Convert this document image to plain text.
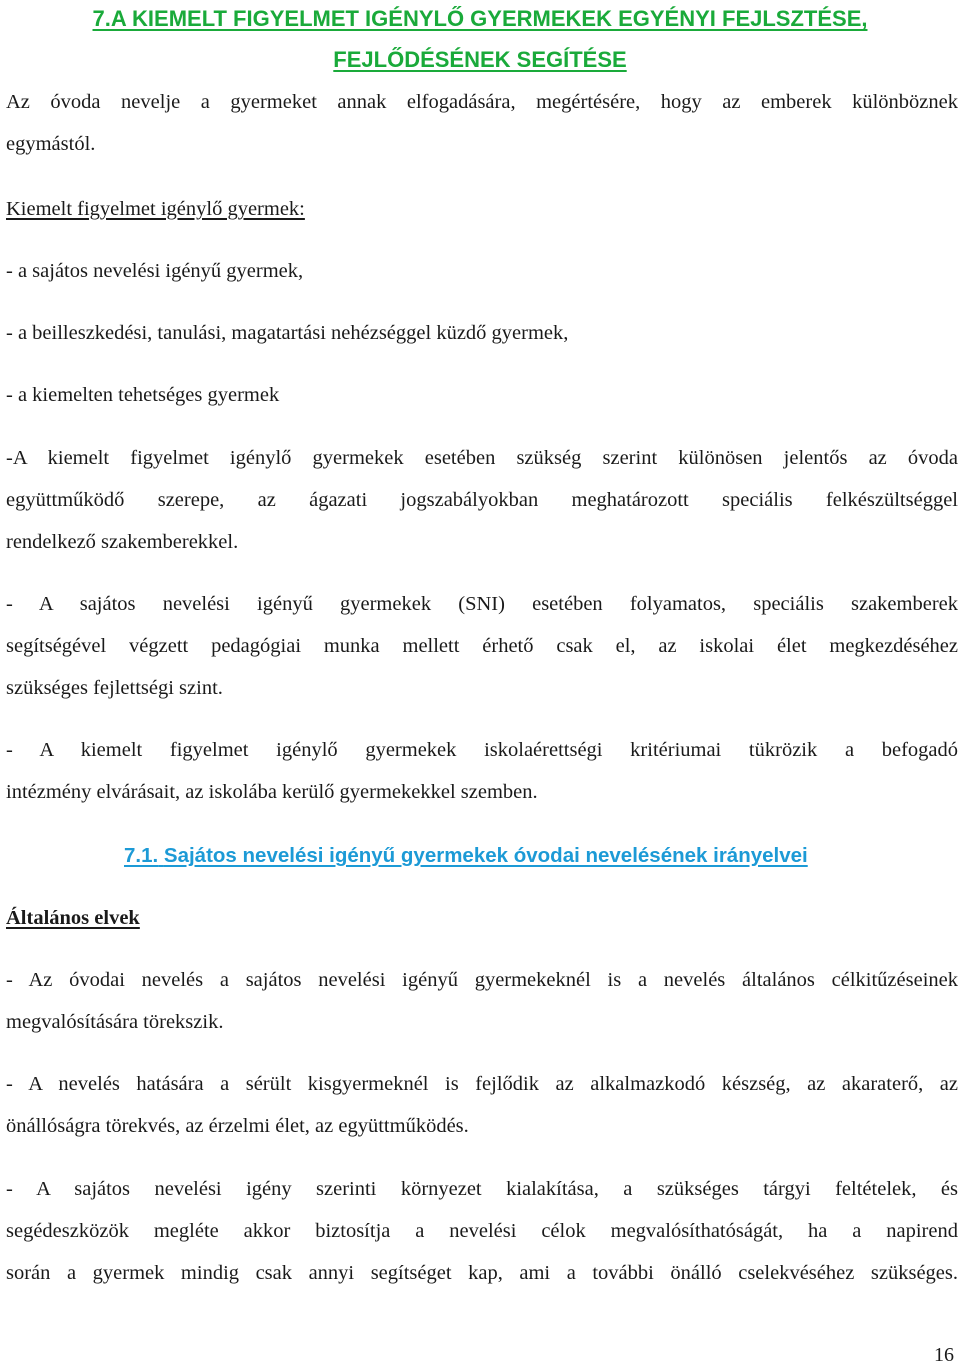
7.A KIEMELT FIGYELMET IGÉNYLŐ GYERMEKEK EGYÉNYI FEJLSZTÉSE,
FEJLŐDÉSÉNEK SEGÍTÉSE

Az óvoda nevelje a gyermeket annak elfogadására, megértésére, hogy az emberek különböznek

egymástól.

Kiemelt figyelmet igénylő gyermek:

- a sajátos nevelési igényű gyermek,

- a beilleszkedési, tanulási, magatartási nehézséggel küzdő gyermek,

- a kiemelten tehetséges gyermek

-A kiemelt figyelmet igénylő gyermekek esetében szükség szerint különösen jelentős az óvoda

együttműködő szerepe, az ágazati jogszabályokban meghatározott speciális felkészültséggel

rendelkező szakemberekkel.

- A sajátos nevelési igényű gyermekek (SNI) esetében folyamatos, speciális szakemberek

segítségével végzett pedagógiai munka mellett érhető csak el, az iskolai élet megkezdéséhez

szükséges fejlettségi szint.

- A kiemelt figyelmet igénylő gyermekek iskolaérettségi kritériumai tükrözik a befogadó

intézmény elvárásait, az iskolába kerülő gyermekekkel szemben.

7.1. Sajátos nevelési igényű gyermekek óvodai nevelésének irányelvei

Általános elvek

- Az óvodai nevelés a sajátos nevelési igényű gyermekeknél is a nevelés általános célkitűzéseinek

megvalósítására törekszik.

- A nevelés hatására a sérült kisgyermeknél is fejlődik az alkalmazkodó készség, az akaraterő, az

önállóságra törekvés, az érzelmi élet, az együttműködés.

- A sajátos nevelési igény szerinti környezet kialakítása, a szükséges tárgyi feltételek, és

segédeszközök megléte akkor biztosítja a nevelési célok megvalósíthatóságát, ha a napirend

során a gyermek mindig csak annyi segítséget kap, ami a további önálló cselekvéséhez szükséges.

16
